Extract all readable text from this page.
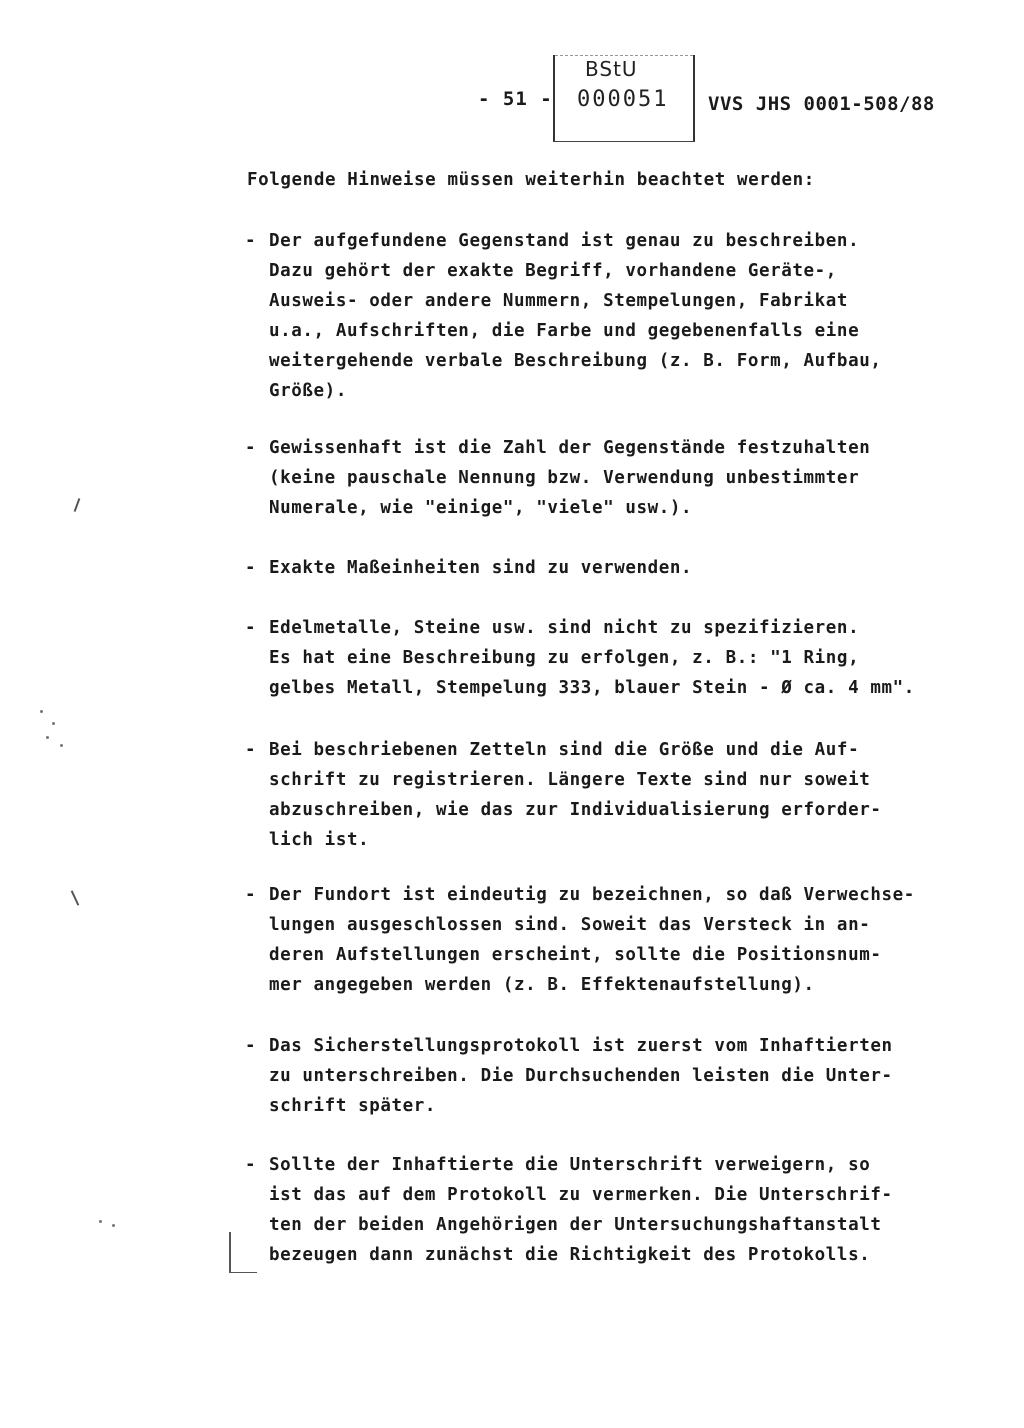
- 51 -
BStU
000051 VVS JHS 0001-508/88
Folgende Hinweise müssen weiterhin beachtet werden:
- Der aufgefundene Gegenstand ist genau zu beschreiben.
Dazu gehört der exakte Begriff, vorhandene Geräte-,
Ausweis- oder andere Nummern, Stempelungen, Fabrikat
u.a., Aufschriften, die Farbe und gegebenenfalls eine
weitergehende verbale Beschreibung (z. B. Form, Aufbau,
Größe).
- Gewissenhaft ist die Zahl der Gegenstände festzuhalten
(keine pauschale Nennung bzw. Verwendung unbestimmter
Numerale, wie "einige", "viele" usw.).
- Exakte Maßeinheiten sind zu verwenden.
- Edelmetalle, Steine usw. sind nicht zu spezifizieren.
Es hat eine Beschreibung zu erfolgen, z. B.: "1 Ring,
gelbes Metall, Stempelung 333, blauer Stein - Ø ca. 4 mm".
- Bei beschriebenen Zetteln sind die Größe und die Auf-
schrift zu registrieren. Längere Texte sind nur soweit
abzuschreiben, wie das zur Individualisierung erforder-
lich ist.
- Der Fundort ist eindeutig zu bezeichnen, so daß Verwechse-
lungen ausgeschlossen sind. Soweit das Versteck in an-
deren Aufstellungen erscheint, sollte die Positionsnum-
mer angegeben werden (z. B. Effektenaufstellung).
- Das Sicherstellungsprotokoll ist zuerst vom Inhaftierten
zu unterschreiben. Die Durchsuchenden leisten die Unter-
schrift später.
- Sollte der Inhaftierte die Unterschrift verweigern, so
ist das auf dem Protokoll zu vermerken. Die Unterschrif-
ten der beiden Angehörigen der Untersuchungshaftanstalt
bezeugen dann zunächst die Richtigkeit des Protokolls.
